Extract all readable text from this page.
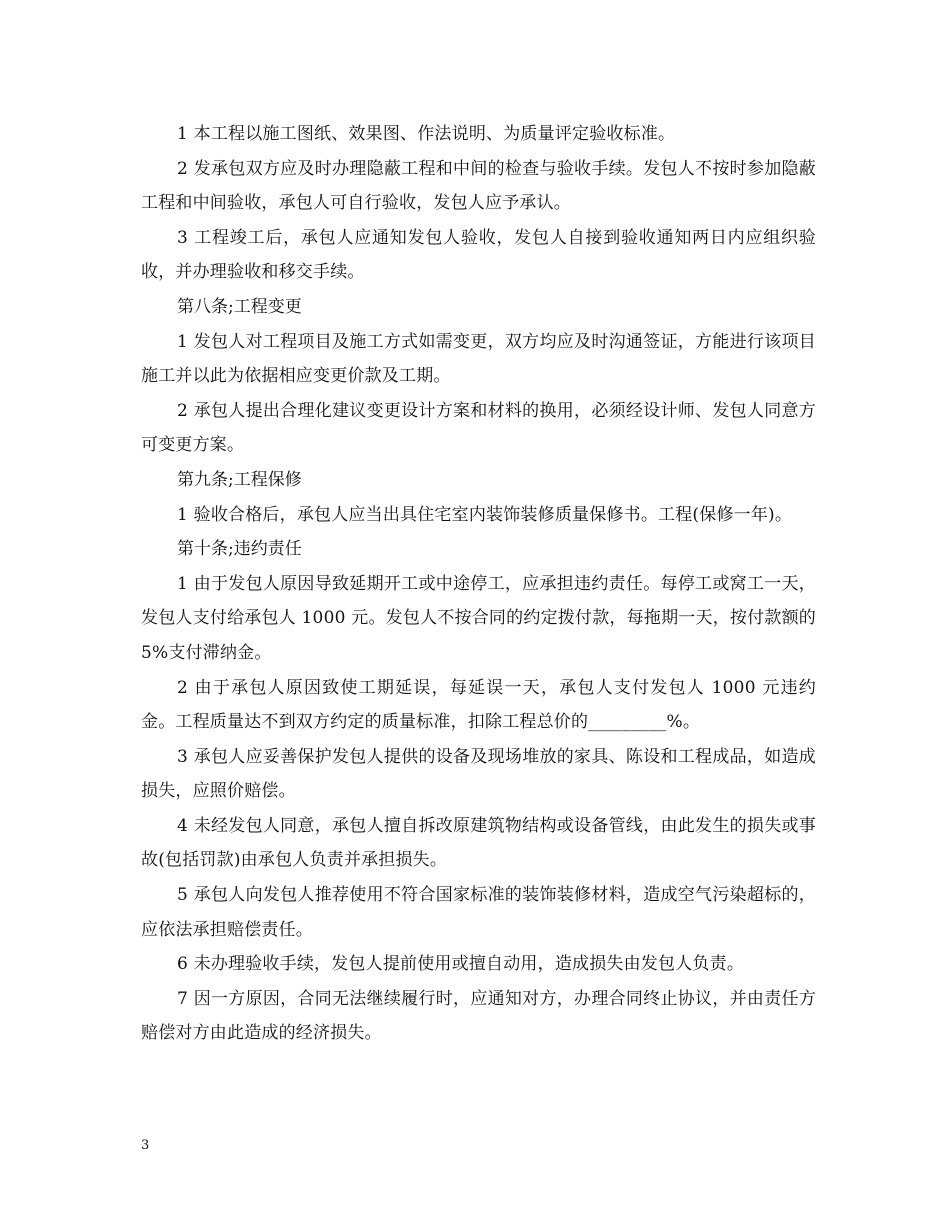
1 本工程以施工图纸、效果图、作法说明、为质量评定验收标准。

2 发承包双方应及时办理隐蔽工程和中间的检查与验收手续。发包人不按时参加隐蔽工程和中间验收，承包人可自行验收，发包人应予承认。

3 工程竣工后，承包人应通知发包人验收，发包人自接到验收通知两日内应组织验收，并办理验收和移交手续。

第八条;工程变更

1 发包人对工程项目及施工方式如需变更，双方均应及时沟通签证，方能进行该项目施工并以此为依据相应变更价款及工期。

2 承包人提出合理化建议变更设计方案和材料的换用，必须经设计师、发包人同意方可变更方案。

第九条;工程保修

1 验收合格后，承包人应当出具住宅室内装饰装修质量保修书。工程(保修一年)。

第十条;违约责任

1 由于发包人原因导致延期开工或中途停工，应承担违约责任。每停工或窝工一天，发包人支付给承包人 1000 元。发包人不按合同的约定拨付款，每拖期一天，按付款额的 5%支付滞纳金。

2 由于承包人原因致使工期延误，每延误一天，承包人支付发包人 1000 元违约金。工程质量达不到双方约定的质量标准，扣除工程总价的_________%。

3 承包人应妥善保护发包人提供的设备及现场堆放的家具、陈设和工程成品，如造成损失，应照价赔偿。

4 未经发包人同意，承包人擅自拆改原建筑物结构或设备管线，由此发生的损失或事故(包括罚款)由承包人负责并承担损失。

5 承包人向发包人推荐使用不符合国家标准的装饰装修材料，造成空气污染超标的，应依法承担赔偿责任。

6 未办理验收手续，发包人提前使用或擅自动用，造成损失由发包人负责。

7 因一方原因，合同无法继续履行时，应通知对方，办理合同终止协议，并由责任方赔偿对方由此造成的经济损失。

3
